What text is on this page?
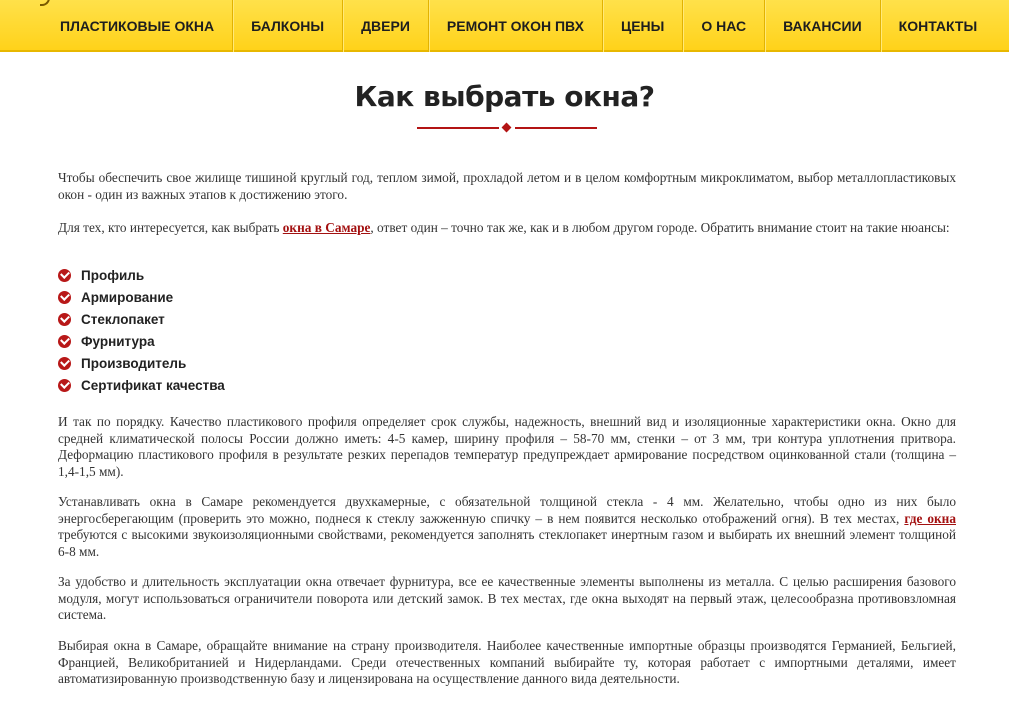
ПЛАСТИКОВЫЕ ОКНА	БАЛКОНЫ	ДВЕРИ	РЕМОНТ ОКОН ПВХ	ЦЕНЫ	О НАС	ВАКАНСИИ	КОНТАКТЫ
Как выбрать окна?

Чтобы обеспечить свое жилище тишиной круглый год, теплом зимой, прохладой летом и в целом комфортным микроклиматом, выбор металлопластиковых окон - один из важных этапов к достижению этого.

Для тех, кто интересуется, как выбрать окна в Самаре, ответ один – точно так же, как и в любом другом городе. Обратить внимание стоит на такие нюансы:

Профиль
Армирование
Стеклопакет
Фурнитура
Производитель
Сертификат качества

И так по порядку. Качество пластикового профиля определяет срок службы, надежность, внешний вид и изоляционные характеристики окна. Окно для средней климатической полосы России должно иметь: 4-5 камер, ширину профиля – 58-70 мм, стенки – от 3 мм, три контура уплотнения притвора. Деформацию пластикового профиля в результате резких перепадов температур предупреждает армирование посредством оцинкованной стали (толщина – 1,4-1,5 мм).

Устанавливать окна в Самаре рекомендуется двухкамерные, с обязательной толщиной стекла - 4 мм. Желательно, чтобы одно из них было энергосберегающим (проверить это можно, поднеся к стеклу зажженную спичку – в нем появится несколько отображений огня). В тех местах, где окна требуются с высокими звукоизоляционными свойствами, рекомендуется заполнять стеклопакет инертным газом и выбирать их внешний элемент толщиной 6-8 мм.

За удобство и длительность эксплуатации окна отвечает фурнитура, все ее качественные элементы выполнены из металла. С целью расширения базового модуля, могут использоваться ограничители поворота или детский замок. В тех местах, где окна выходят на первый этаж, целесообразна противовзломная система.

Выбирая окна в Самаре, обращайте внимание на страну производителя. Наиболее качественные импортные образцы производятся Германией, Бельгией, Францией, Великобританией и Нидерландами. Среди отечественных компаний выбирайте ту, которая работает с импортными деталями, имеет автоматизированную производственную базу и лицензирована на осуществление данного вида деятельности.
